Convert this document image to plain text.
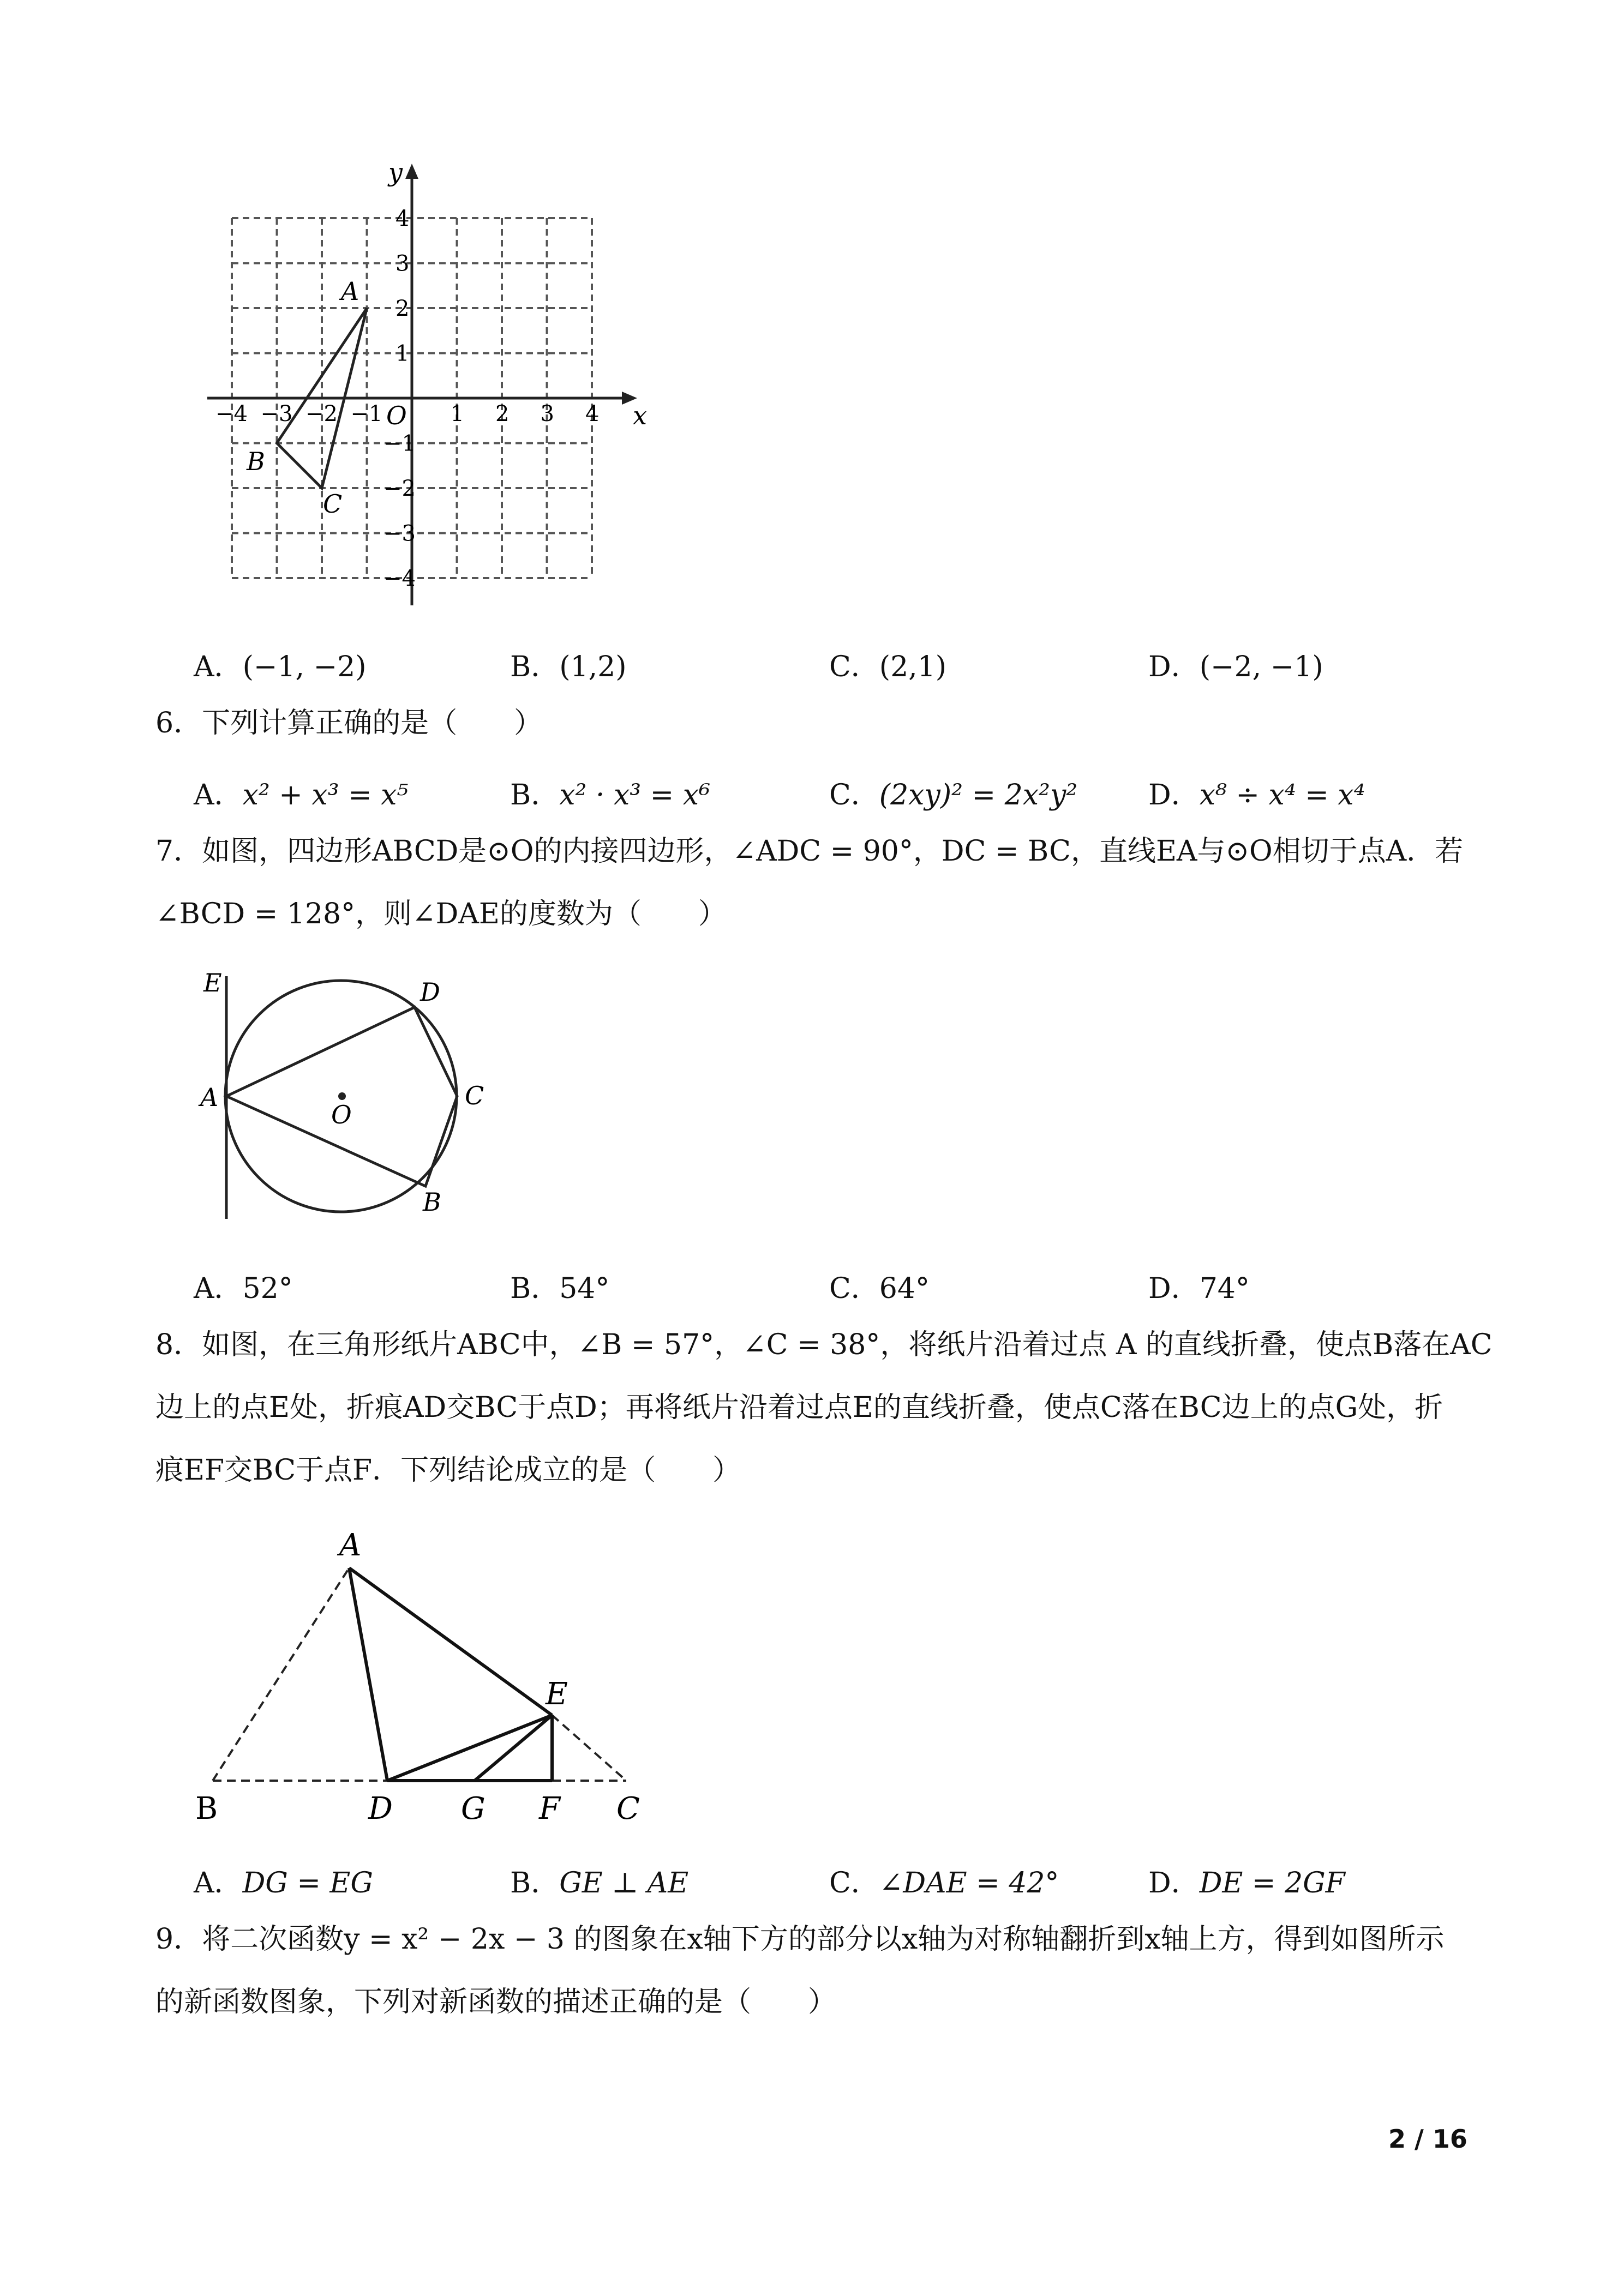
x
y
O
−4 −3 −2 −1	1 2 3 4
4
3
2
1
−1
−2
−3
−4
A
B
C
A．(−1, −2)	B．(1,2)	C．(2,1)	D．(−2, −1)
6．下列计算正确的是（　　）
A．x² + x³ = x⁵	B．x² · x³ = x⁶	C．(2xy)² = 2x²y² D．x⁸ ÷ x⁴ = x⁴
7．如图，四边形ABCD是⊙O的内接四边形，∠ADC = 90°，DC = BC，直线EA与⊙O相切于点A．若
∠BCD = 128°，则∠DAE的度数为（　　）
E	D
A
O
C
B
A．52°	B．54°	C．64°	D．74°
8．如图，在三角形纸片ABC中，∠B = 57°，∠C = 38°，将纸片沿着过点 A 的直线折叠，使点B落在AC
边上的点E处，折痕AD交BC于点D；再将纸片沿着过点E的直线折叠，使点C落在BC边上的点G处，折
痕EF交BC于点F．下列结论成立的是（　　）
A
E
B	D G F C
A．DG = EG	B．GE ⊥ AE	C．∠DAE = 42°	D．DE = 2GF
9．将二次函数y = x² − 2x − 3 的图象在x轴下方的部分以x轴为对称轴翻折到x轴上方，得到如图所示
的新函数图象，下列对新函数的描述正确的是（　　）
2 / 16
